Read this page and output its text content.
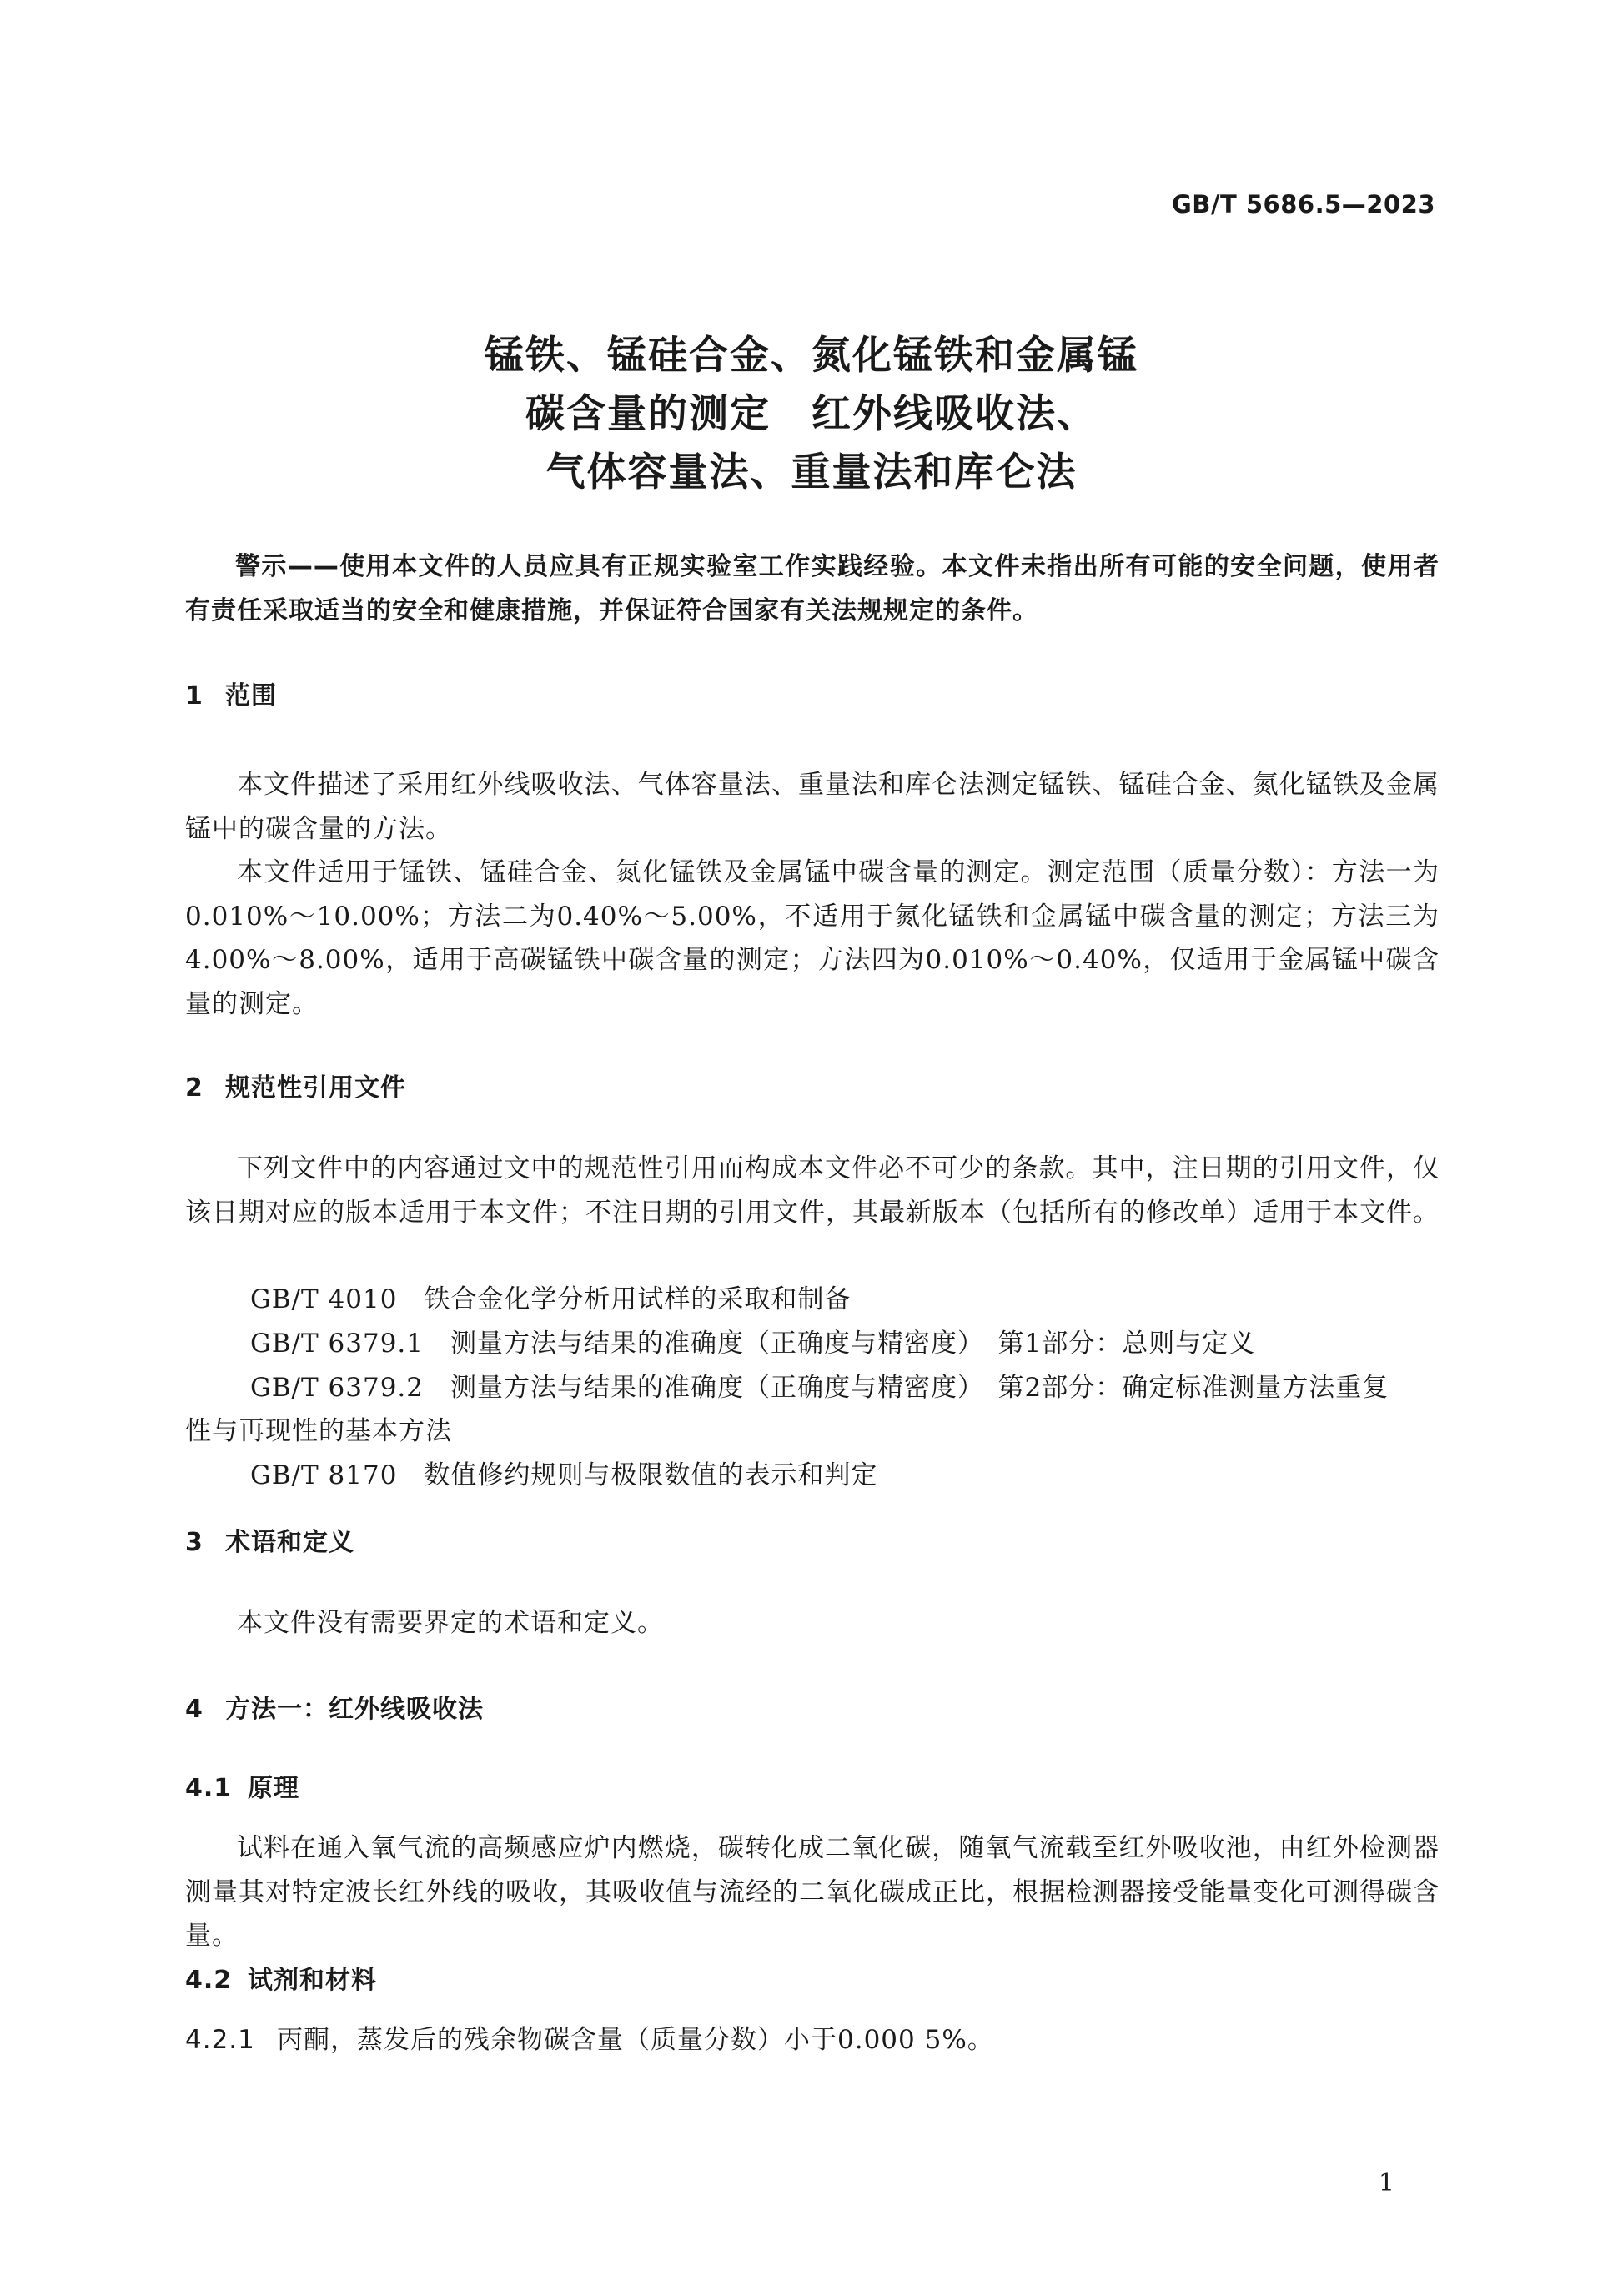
GB/T 5686.5—2023
锰铁、锰硅合金、氮化锰铁和金属锰
碳含量的测定　红外线吸收法、
气体容量法、重量法和库仑法
警示——使用本文件的人员应具有正规实验室工作实践经验。本文件未指出所有可能的安全问题，使用者有责任采取适当的安全和健康措施，并保证符合国家有关法规规定的条件。
1 范围
本文件描述了采用红外线吸收法、气体容量法、重量法和库仑法测定锰铁、锰硅合金、氮化锰铁及金属锰中的碳含量的方法。
本文件适用于锰铁、锰硅合金、氮化锰铁及金属锰中碳含量的测定。测定范围（质量分数）：方法一为0.010%～10.00%；方法二为0.40%～5.00%，不适用于氮化锰铁和金属锰中碳含量的测定；方法三为4.00%～8.00%，适用于高碳锰铁中碳含量的测定；方法四为0.010%～0.40%，仅适用于金属锰中碳含量的测定。
2 规范性引用文件
下列文件中的内容通过文中的规范性引用而构成本文件必不可少的条款。其中，注日期的引用文件，仅该日期对应的版本适用于本文件；不注日期的引用文件，其最新版本（包括所有的修改单）适用于本文件。
GB/T 4010　 铁合金化学分析用试样的采取和制备
GB/T 6379.1　 测量方法与结果的准确度（正确度与精密度）　第1部分：总则与定义
GB/T 6379.2　 测量方法与结果的准确度（正确度与精密度）　第2部分：确定标准测量方法重复
性与再现性的基本方法
GB/T 8170　 数值修约规则与极限数值的表示和判定
3 术语和定义
本文件没有需要界定的术语和定义。
4 方法一：红外线吸收法
4.1 原理
试料在通入氧气流的高频感应炉内燃烧，碳转化成二氧化碳，随氧气流载至红外吸收池，由红外检测器测量其对特定波长红外线的吸收，其吸收值与流经的二氧化碳成正比，根据检测器接受能量变化可测得碳含量。
4.2 试剂和材料
4.2.1 丙酮，蒸发后的残余物碳含量（质量分数）小于0.000 5%。
1
